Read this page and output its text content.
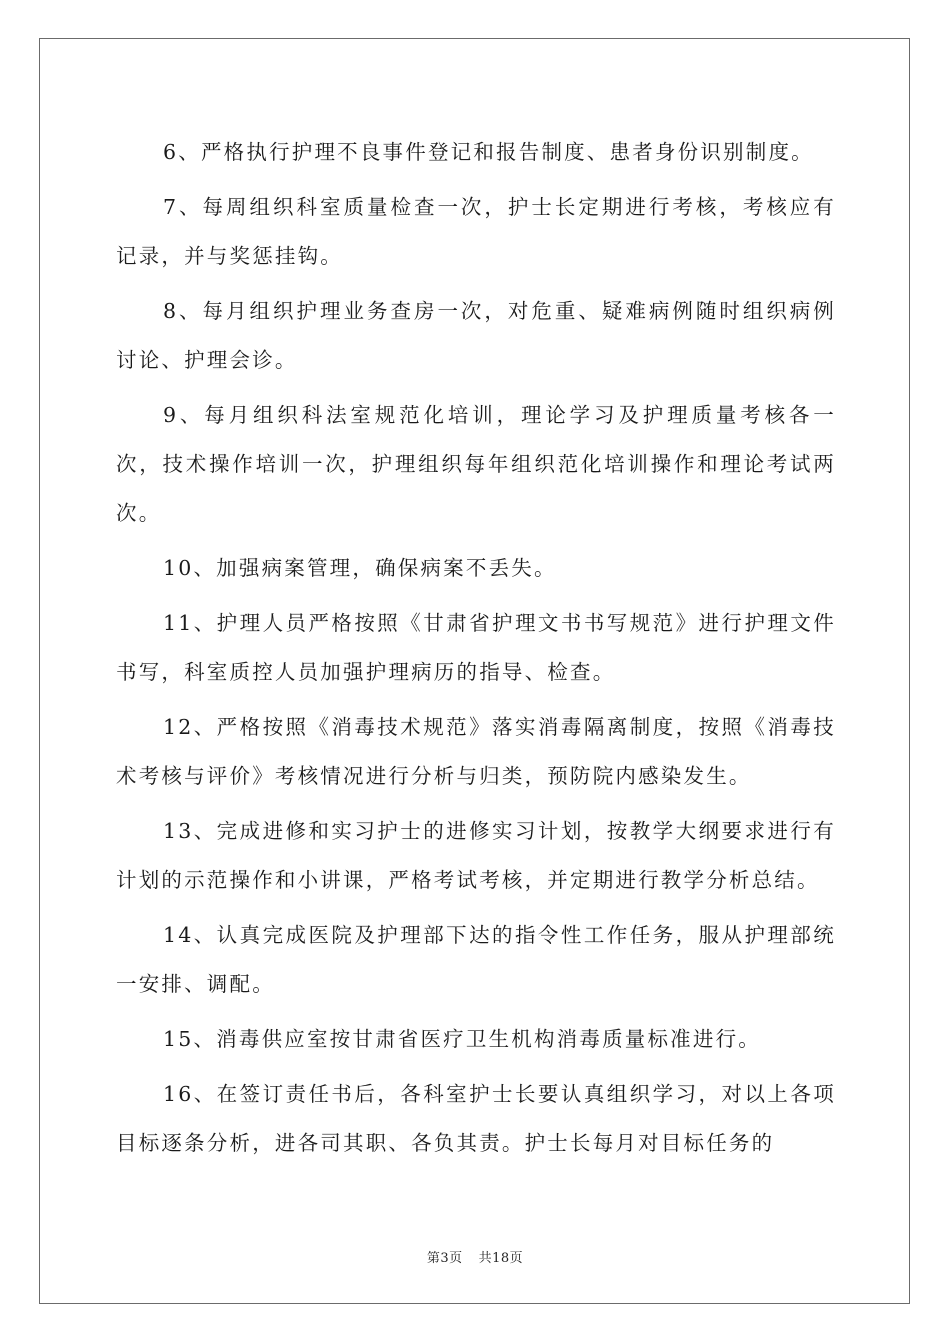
6、严格执行护理不良事件登记和报告制度、患者身份识别制度。

7、每周组织科室质量检查一次，护士长定期进行考核，考核应有记录，并与奖惩挂钩。

8、每月组织护理业务查房一次，对危重、疑难病例随时组织病例讨论、护理会诊。

9、每月组织科法室规范化培训，理论学习及护理质量考核各一次，技术操作培训一次，护理组织每年组织范化培训操作和理论考试两次。

10、加强病案管理，确保病案不丢失。

11、护理人员严格按照《甘肃省护理文书书写规范》进行护理文件书写，科室质控人员加强护理病历的指导、检查。

12、严格按照《消毒技术规范》落实消毒隔离制度，按照《消毒技术考核与评价》考核情况进行分析与归类，预防院内感染发生。

13、完成进修和实习护士的进修实习计划，按教学大纲要求进行有计划的示范操作和小讲课，严格考试考核，并定期进行教学分析总结。

14、认真完成医院及护理部下达的指令性工作任务，服从护理部统一安排、调配。

15、消毒供应室按甘肃省医疗卫生机构消毒质量标准进行。

16、在签订责任书后，各科室护士长要认真组织学习，对以上各项目标逐条分析，进各司其职、各负其责。护士长每月对目标任务的

第3页 共18页
